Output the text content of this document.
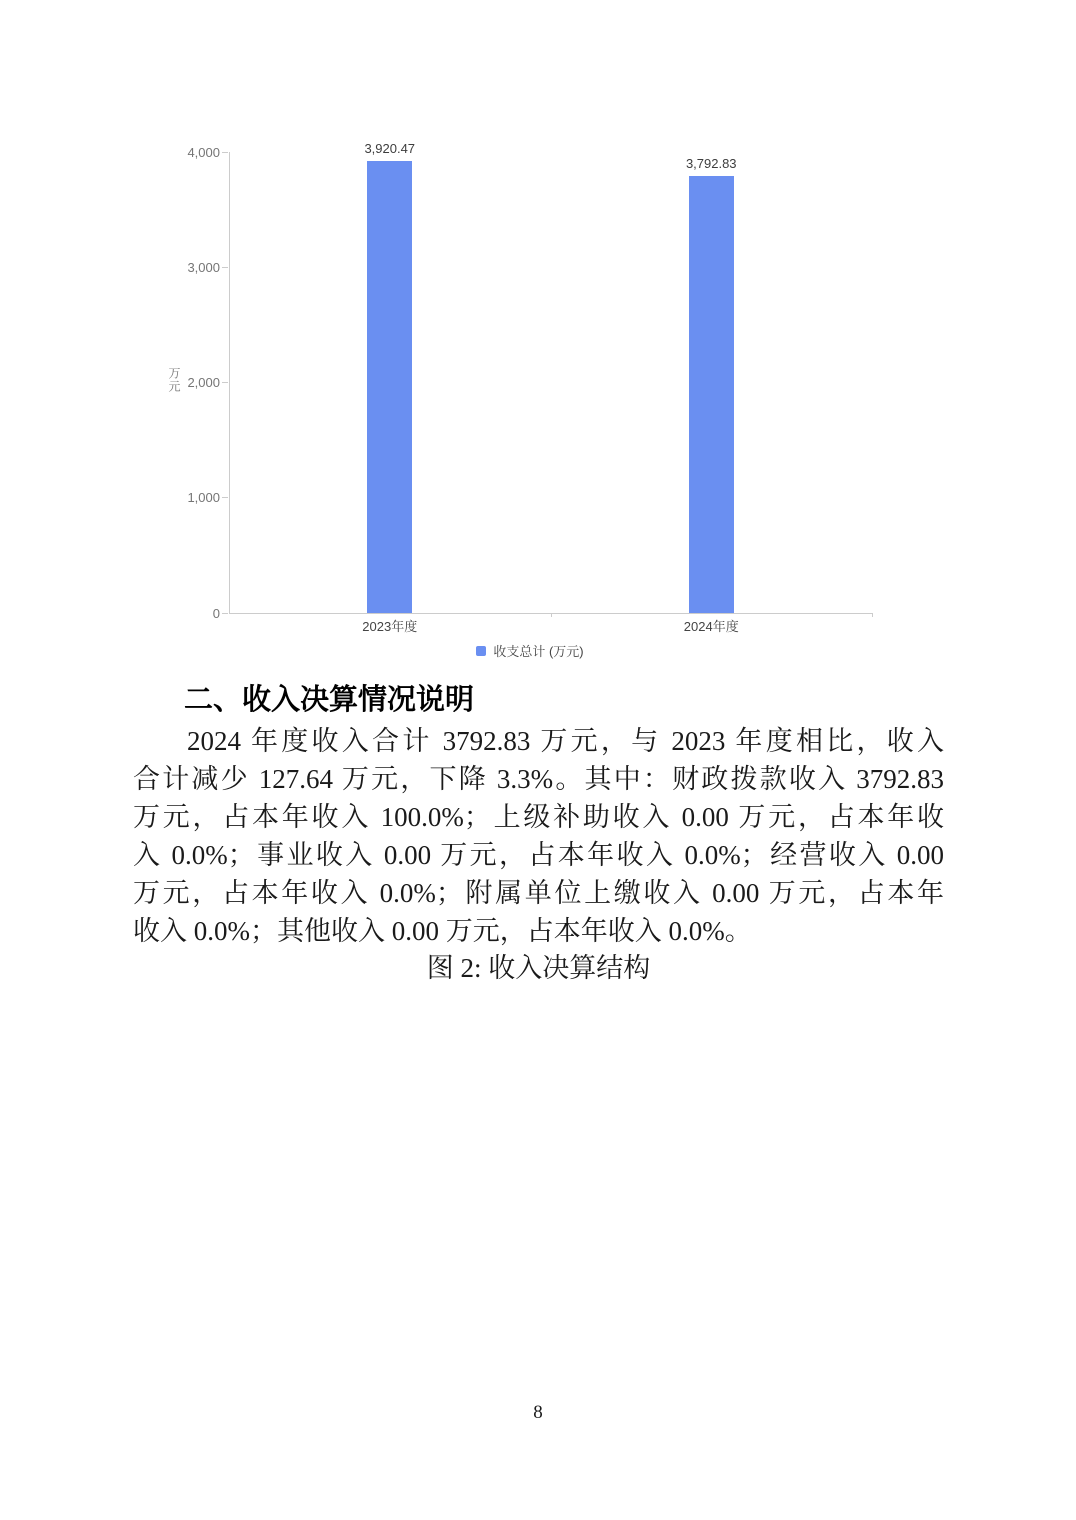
万元
0
1,000
2,000
3,000
4,000	3,920.47
3,792.83
2023年度	2024年度
收支总计 (万元)
二、收入决算情况说明
2024 年度收入合计 3792.83 万元，与 2023 年度相比，收入
合计减少 127.64 万元，下降 3.3%。其中：财政拨款收入 3792.83
万元，占本年收入 100.0%；上级补助收入 0.00 万元，占本年收
入 0.0%；事业收入 0.00 万元，占本年收入 0.0%；经营收入 0.00
万元，占本年收入 0.0%；附属单位上缴收入 0.00 万元，占本年
收入 0.0%；其他收入 0.00 万元，占本年收入 0.0%。
图 2: 收入决算结构
8
